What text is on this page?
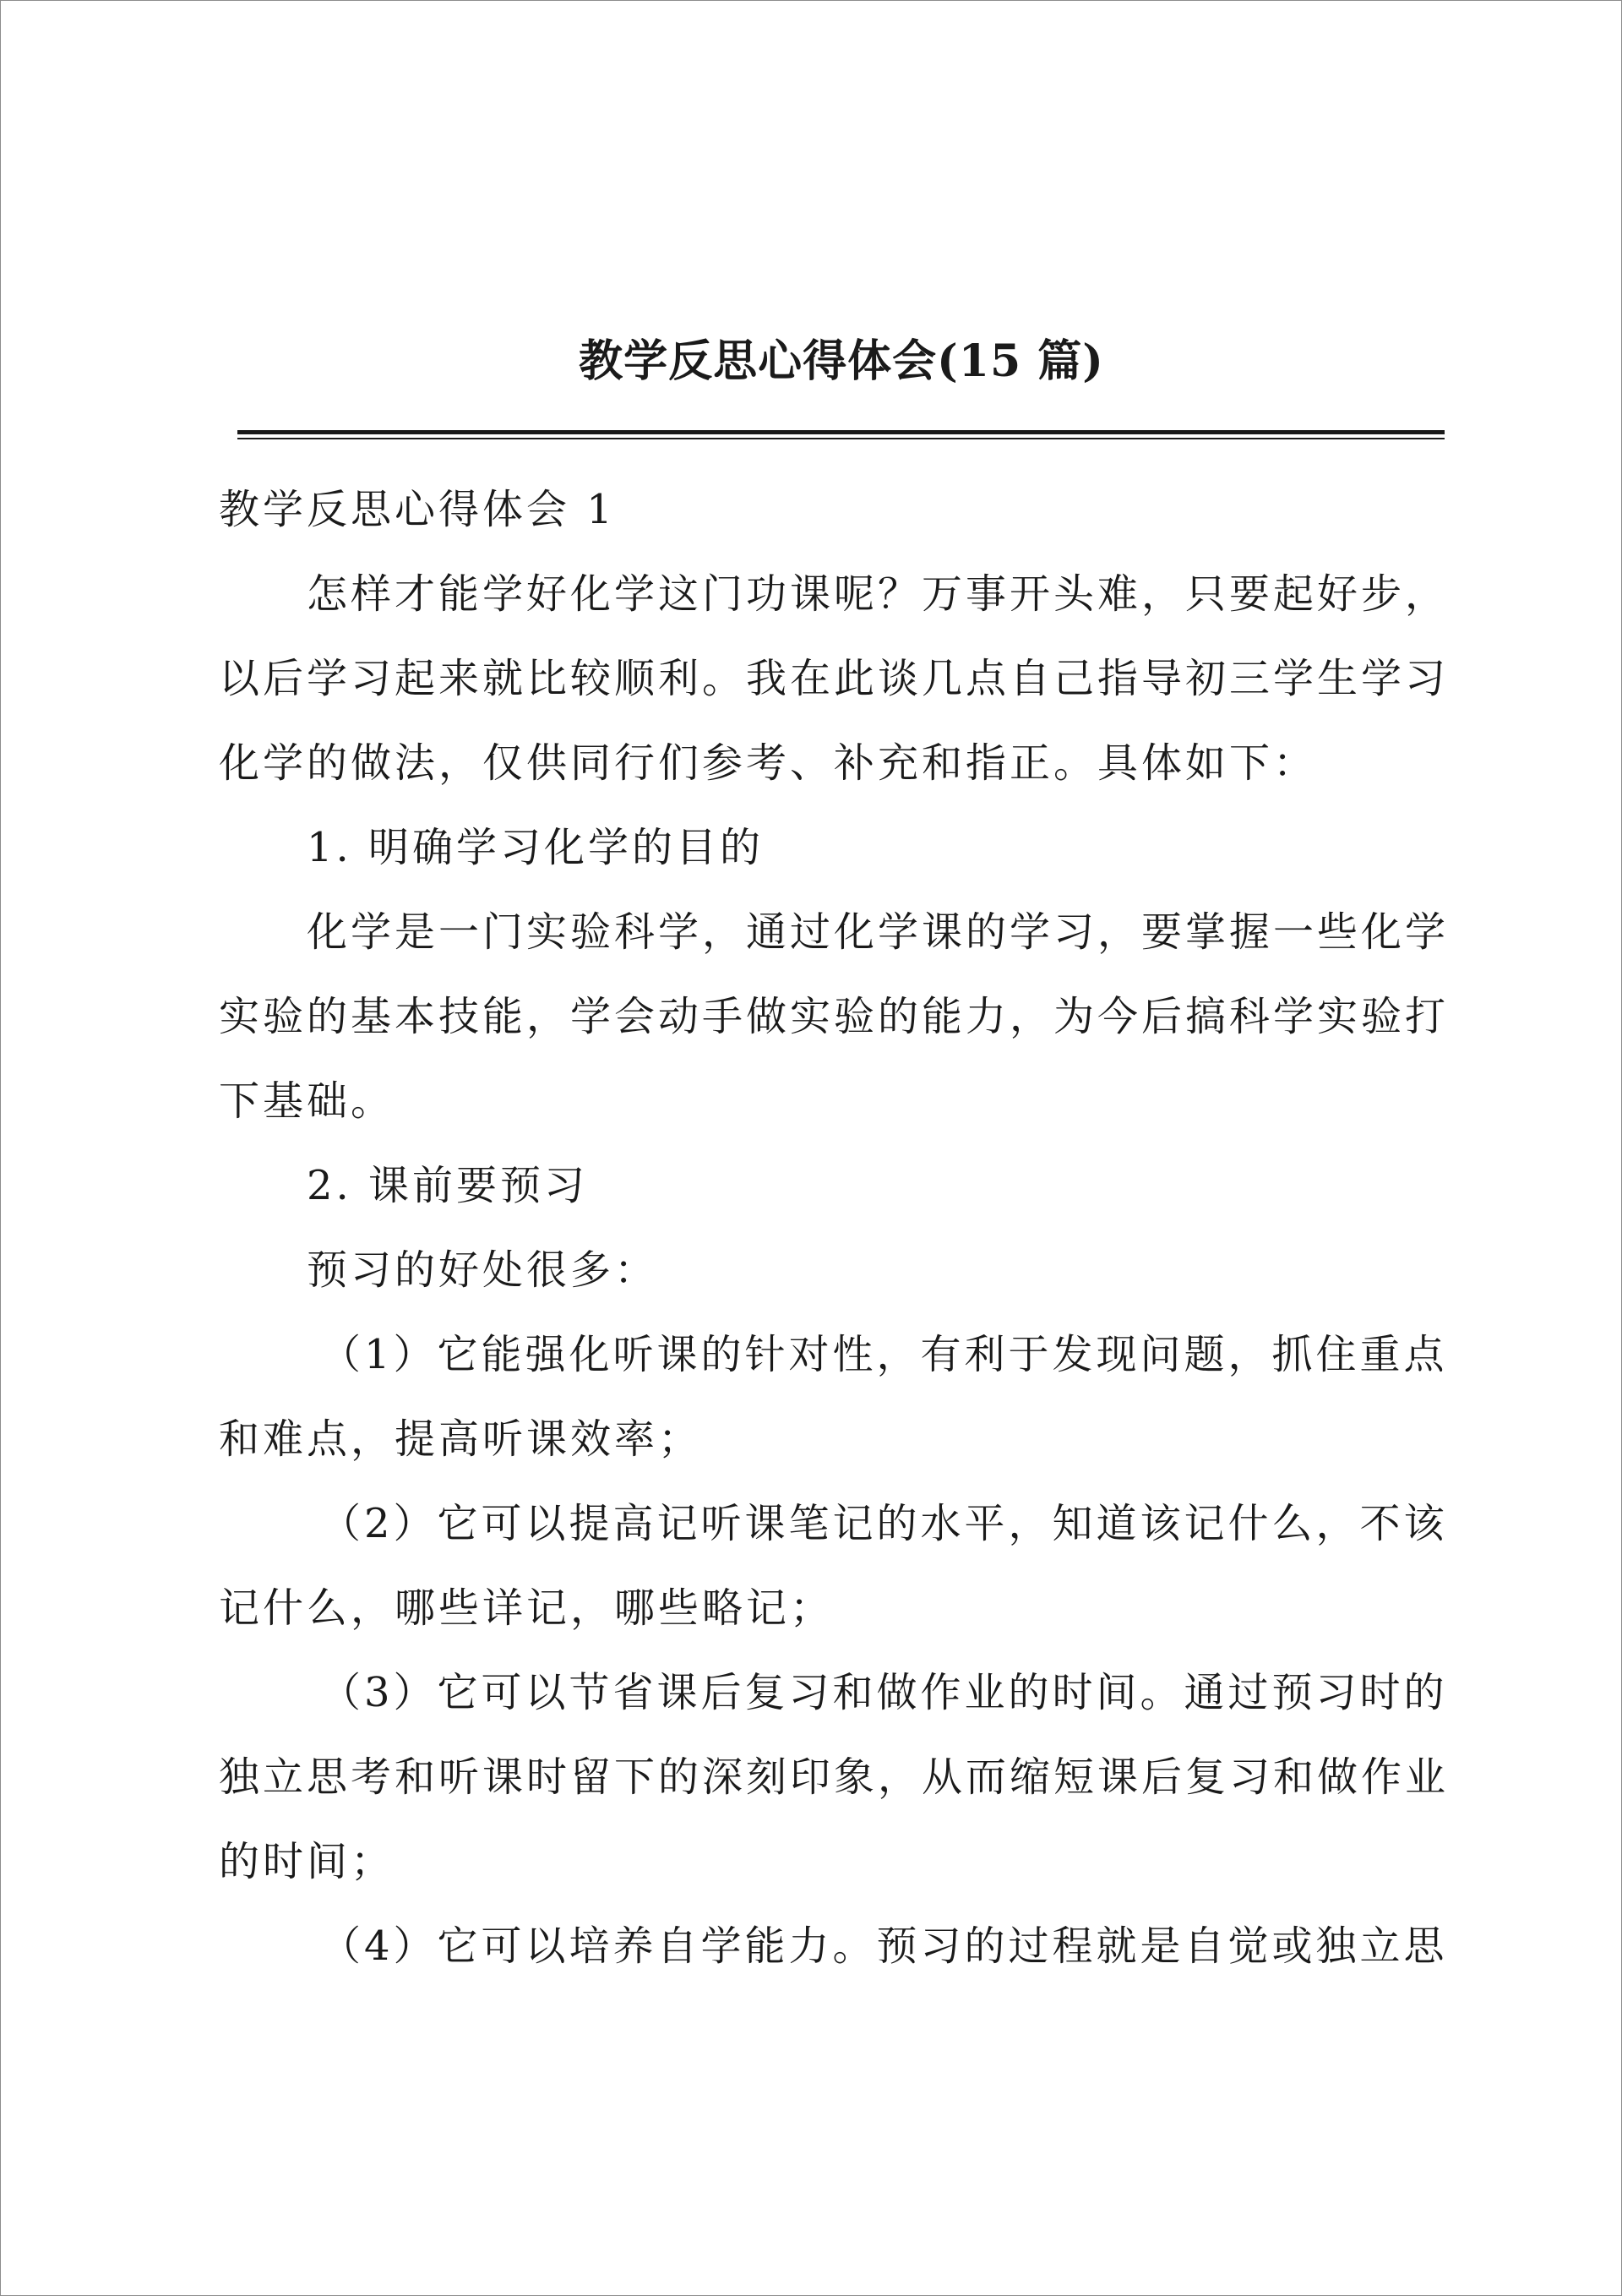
教学反思心得体会(15 篇)

教学反思心得体会 1

怎样才能学好化学这门功课呢？万事开头难，只要起好步，

以后学习起来就比较顺利。我在此谈几点自己指导初三学生学习

化学的做法，仅供同行们参考、补充和指正。具体如下：

1. 明确学习化学的目的

化学是一门实验科学，通过化学课的学习，要掌握一些化学

实验的基本技能，学会动手做实验的能力，为今后搞科学实验打

下基础。

2. 课前要预习

预习的好处很多：

（1）它能强化听课的针对性，有利于发现问题，抓住重点

和难点，提高听课效率；

（2）它可以提高记听课笔记的水平，知道该记什么，不该

记什么，哪些详记，哪些略记；

（3）它可以节省课后复习和做作业的时间。通过预习时的

独立思考和听课时留下的深刻印象，从而缩短课后复习和做作业

的时间；

（4）它可以培养自学能力。预习的过程就是自觉或独立思
